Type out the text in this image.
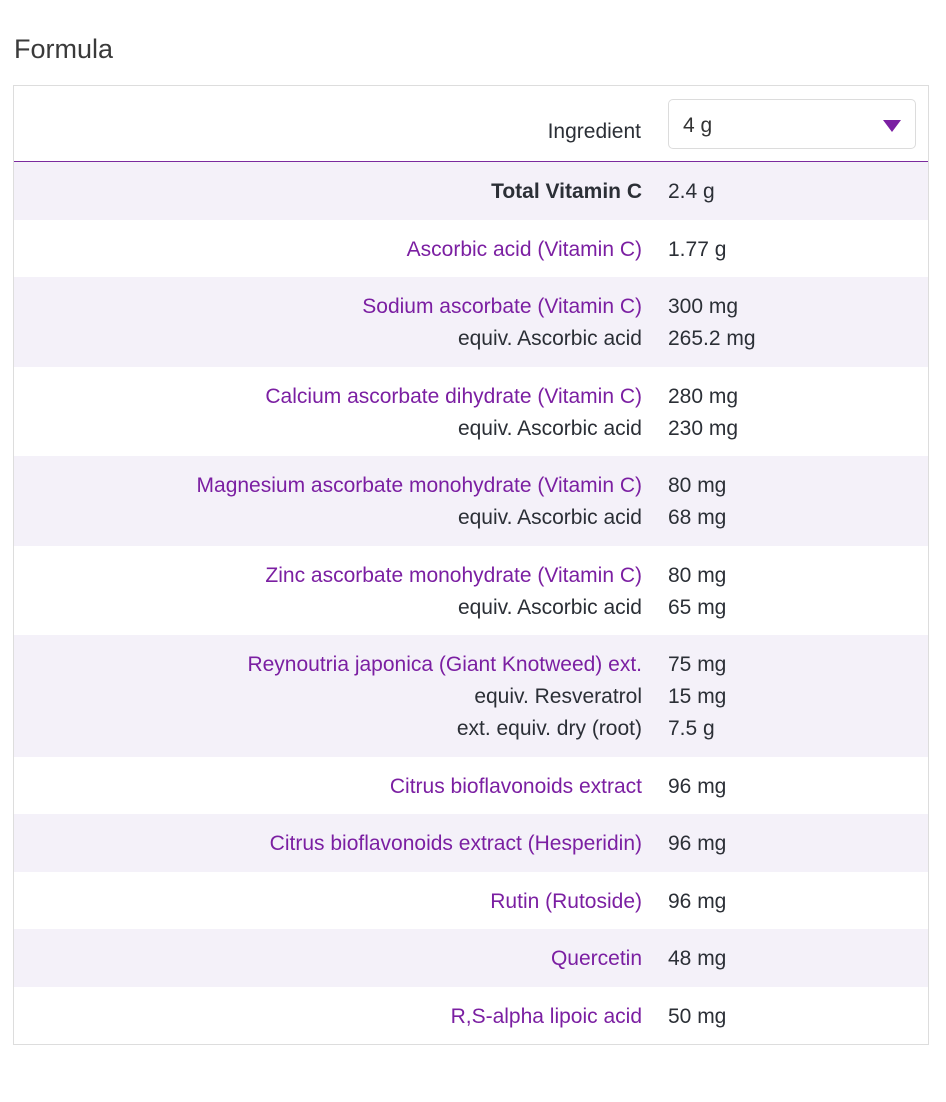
Formula
Ingredient	4 g
Total Vitamin C 2.4 g
Ascorbic acid (Vitamin C) 1.77 g
Sodium ascorbate (Vitamin C)
equiv. Ascorbic acid
300 mg
265.2 mg
Calcium ascorbate dihydrate (Vitamin C)
equiv. Ascorbic acid
280 mg
230 mg
Magnesium ascorbate monohydrate (Vitamin C)
equiv. Ascorbic acid
80 mg
68 mg
Zinc ascorbate monohydrate (Vitamin C)
equiv. Ascorbic acid
80 mg
65 mg
Reynoutria japonica (Giant Knotweed) ext.
equiv. Resveratrol
ext. equiv. dry (root)
75 mg
15 mg
7.5 g
Citrus bioflavonoids extract 96 mg
Citrus bioflavonoids extract (Hesperidin) 96 mg
Rutin (Rutoside) 96 mg
Quercetin 48 mg
R,S-alpha lipoic acid 50 mg
